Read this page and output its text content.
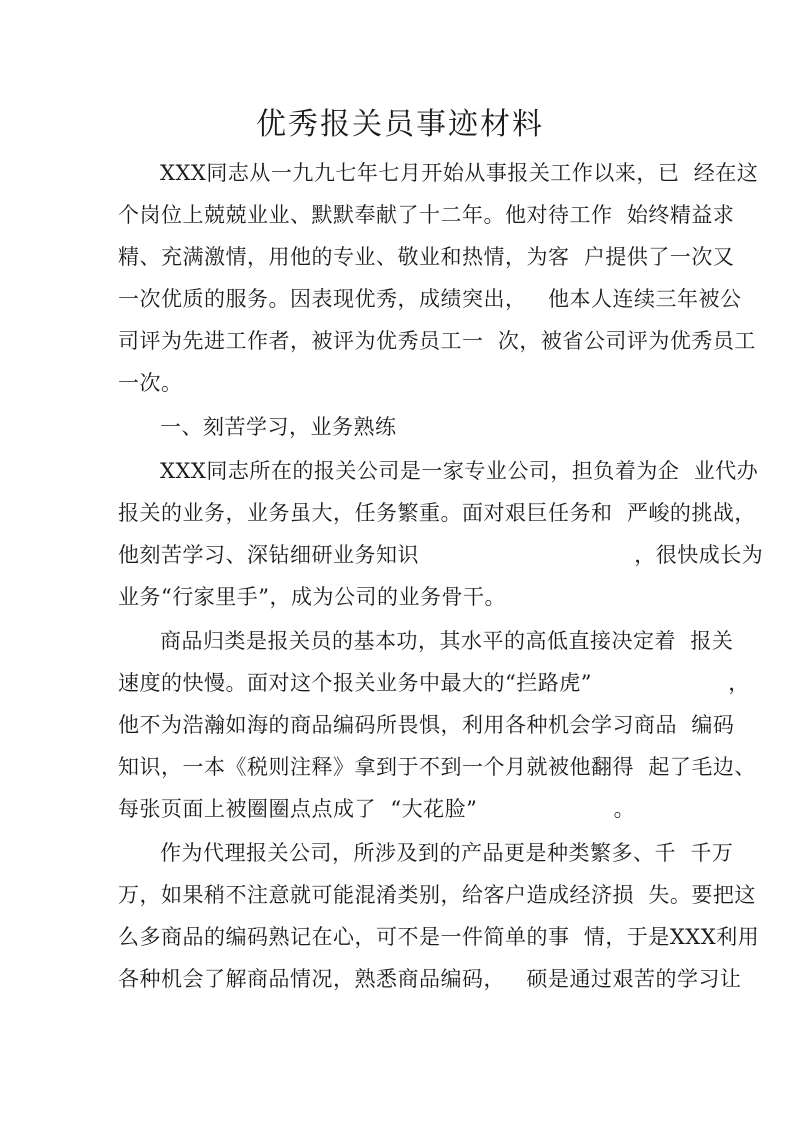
优秀报关员事迹材料
XXX同志从一九九七年七月开始从事报关工作以来，已  经在这
个岗位上兢兢业业、默默奉献了十二年。他对待工作  始终精益求
精、充满激情，用他的专业、敬业和热情，为客  户提供了一次又
一次优质的服务。因表现优秀，成绩突出，   他本人连续三年被公
司评为先进工作者，被评为优秀员工一  次，被省公司评为优秀员工
一次。
一、刻苦学习，业务熟练
XXX同志所在的报关公司是一家专业公司，担负着为企  业代办
报关的业务，业务虽大，任务繁重。面对艰巨任务和  严峻的挑战，
他刻苦学习、深钻细研业务知识                              ，很快成长为
业务“行家里手”，成为公司的业务骨干。
商品归类是报关员的基本功，其水平的高低直接决定着  报关
速度的快慢。面对这个报关业务中最大的“拦路虎”                   ，
他不为浩瀚如海的商品编码所畏惧，利用各种机会学习商品  编码
知识，一本《税则注释》拿到于不到一个月就被他翻得  起了毛边、
每张页面上被圈圈点点成了  “大花脸”                   。
作为代理报关公司，所涉及到的产品更是种类繁多、千  千万
万，如果稍不注意就可能混淆类别，给客户造成经济损  失。要把这
么多商品的编码熟记在心，可不是一件简单的事  情，于是XXX利用
各种机会了解商品情况，熟悉商品编码，   硕是通过艰苦的学习让
